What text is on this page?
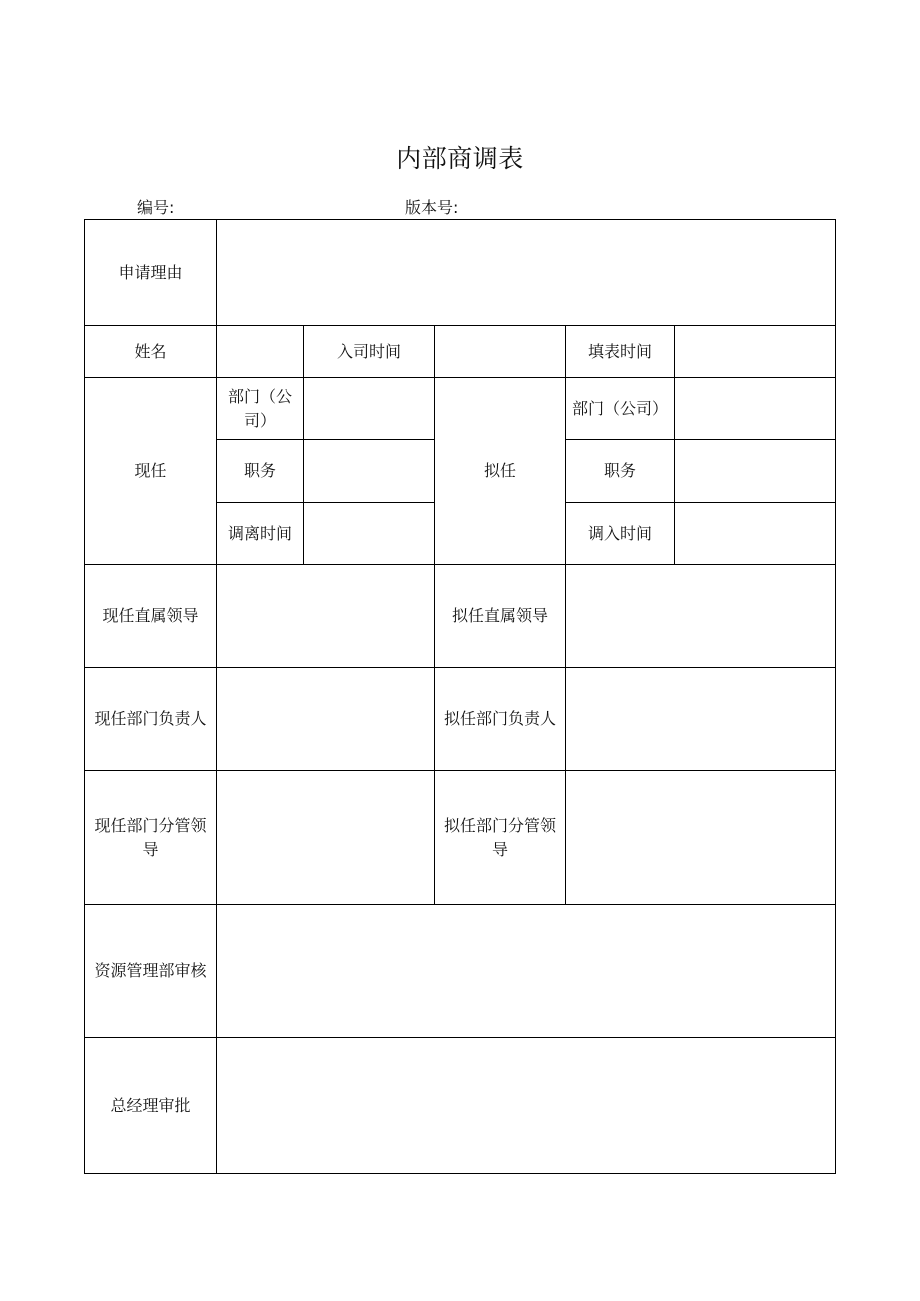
内部商调表
编号:	版本号:
申请理由					
姓名		入司时间		填表时间	
现任	部门（公司）		拟任	部门（公司）	
	职务			职务	
	调离时间			调入时间	
现任直属领导			拟任直属领导		
现任部门负责人			拟任部门负责人		
现任部门分管领导			拟任部门分管领导		
资源管理部审核					
总经理审批					
